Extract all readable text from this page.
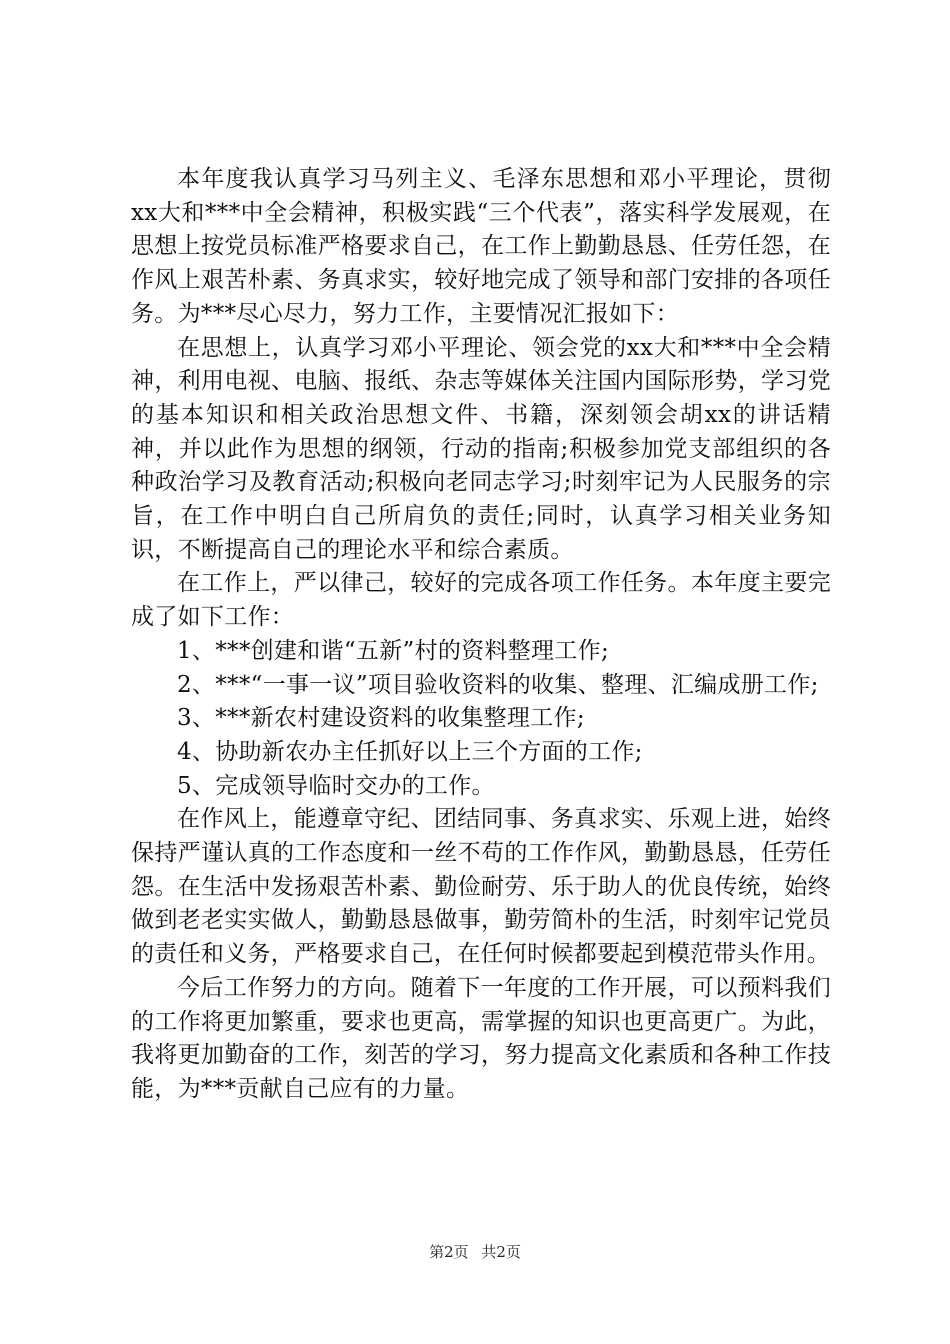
本年度我认真学习马列主义、毛泽东思想和邓小平理论，贯彻xx大和***中全会精神，积极实践“三个代表”，落实科学发展观，在思想上按党员标准严格要求自己，在工作上勤勤恳恳、任劳任怨，在作风上艰苦朴素、务真求实，较好地完成了领导和部门安排的各项任务。为***尽心尽力，努力工作，主要情况汇报如下：

在思想上，认真学习邓小平理论、领会党的xx大和***中全会精神，利用电视、电脑、报纸、杂志等媒体关注国内国际形势，学习党的基本知识和相关政治思想文件、书籍，深刻领会胡xx的讲话精神，并以此作为思想的纲领，行动的指南;积极参加党支部组织的各种政治学习及教育活动;积极向老同志学习;时刻牢记为人民服务的宗旨，在工作中明白自己所肩负的责任;同时，认真学习相关业务知识，不断提高自己的理论水平和综合素质。

在工作上，严以律己，较好的完成各项工作任务。本年度主要完成了如下工作：

1、***创建和谐“五新”村的资料整理工作;

2、***“一事一议”项目验收资料的收集、整理、汇编成册工作;

3、***新农村建设资料的收集整理工作;

4、协助新农办主任抓好以上三个方面的工作;

5、完成领导临时交办的工作。

在作风上，能遵章守纪、团结同事、务真求实、乐观上进，始终保持严谨认真的工作态度和一丝不苟的工作作风，勤勤恳恳，任劳任怨。在生活中发扬艰苦朴素、勤俭耐劳、乐于助人的优良传统，始终做到老老实实做人，勤勤恳恳做事，勤劳简朴的生活，时刻牢记党员的责任和义务，严格要求自己，在任何时候都要起到模范带头作用。

今后工作努力的方向。随着下一年度的工作开展，可以预料我们的工作将更加繁重，要求也更高，需掌握的知识也更高更广。为此，我将更加勤奋的工作，刻苦的学习，努力提高文化素质和各种工作技能，为***贡献自己应有的力量。

第2页 共2页
